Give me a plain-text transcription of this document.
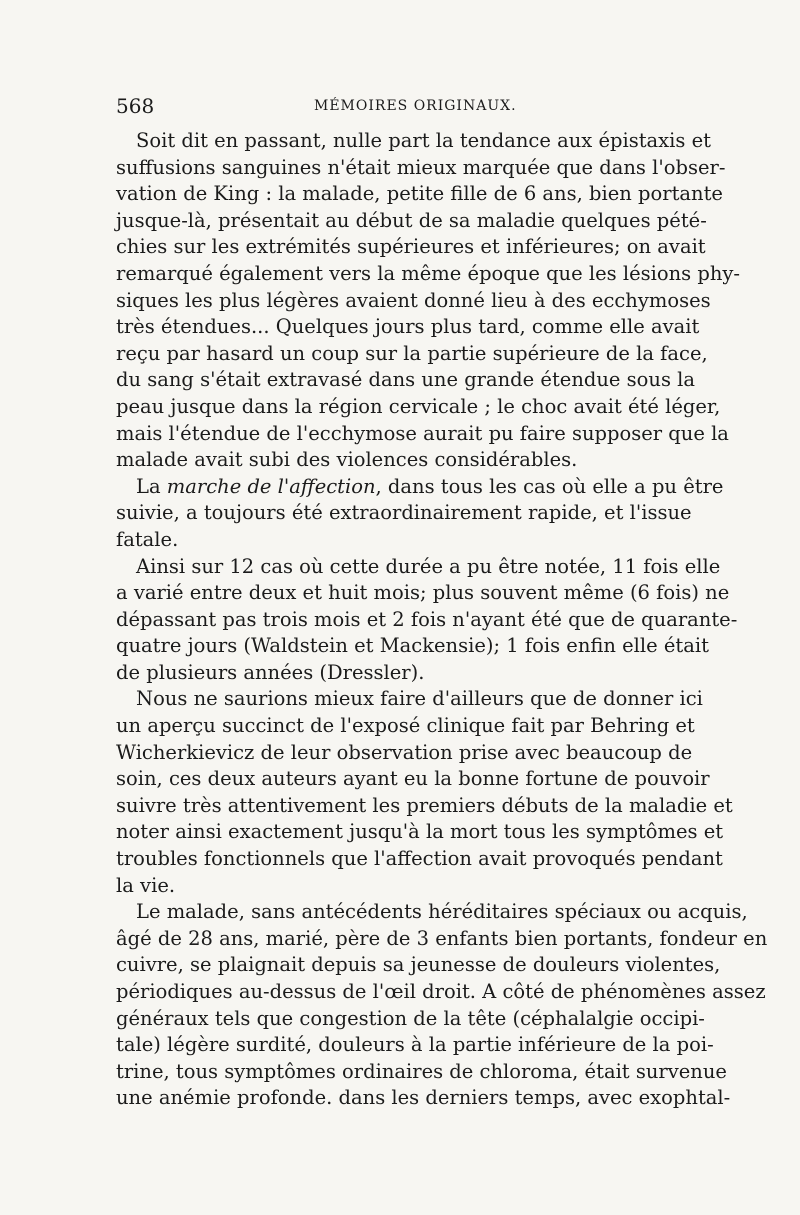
568	MÉMOIRES ORIGINAUX.
Soit dit en passant, nulle part la tendance aux épistaxis et
suffusions sanguines n'était mieux marquée que dans l'obser-
vation de King : la malade, petite fille de 6 ans, bien portante
jusque-là, présentait au début de sa maladie quelques pété-
chies sur les extrémités supérieures et inférieures; on avait
remarqué également vers la même époque que les lésions phy-
siques les plus légères avaient donné lieu à des ecchymoses
très étendues... Quelques jours plus tard, comme elle avait
reçu par hasard un coup sur la partie supérieure de la face,
du sang s'était extravasé dans une grande étendue sous la
peau jusque dans la région cervicale ; le choc avait été léger,
mais l'étendue de l'ecchymose aurait pu faire supposer que la
malade avait subi des violences considérables.
La marche de l'affection, dans tous les cas où elle a pu être
suivie, a toujours été extraordinairement rapide, et l'issue
fatale.
Ainsi sur 12 cas où cette durée a pu être notée, 11 fois elle
a varié entre deux et huit mois; plus souvent même (6 fois) ne
dépassant pas trois mois et 2 fois n'ayant été que de quarante-
quatre jours (Waldstein et Mackensie); 1 fois enfin elle était
de plusieurs années (Dressler).
Nous ne saurions mieux faire d'ailleurs que de donner ici
un aperçu succinct de l'exposé clinique fait par Behring et
Wicherkievicz de leur observation prise avec beaucoup de
soin, ces deux auteurs ayant eu la bonne fortune de pouvoir
suivre très attentivement les premiers débuts de la maladie et
noter ainsi exactement jusqu'à la mort tous les symptômes et
troubles fonctionnels que l'affection avait provoqués pendant
la vie.
Le malade, sans antécédents héréditaires spéciaux ou acquis,
âgé de 28 ans, marié, père de 3 enfants bien portants, fondeur en
cuivre, se plaignait depuis sa jeunesse de douleurs violentes,
périodiques au-dessus de l'œil droit. A côté de phénomènes assez
généraux tels que congestion de la tête (céphalalgie occipi-
tale) légère surdité, douleurs à la partie inférieure de la poi-
trine, tous symptômes ordinaires de chloroma, était survenue
une anémie profonde. dans les derniers temps, avec exophtal-
